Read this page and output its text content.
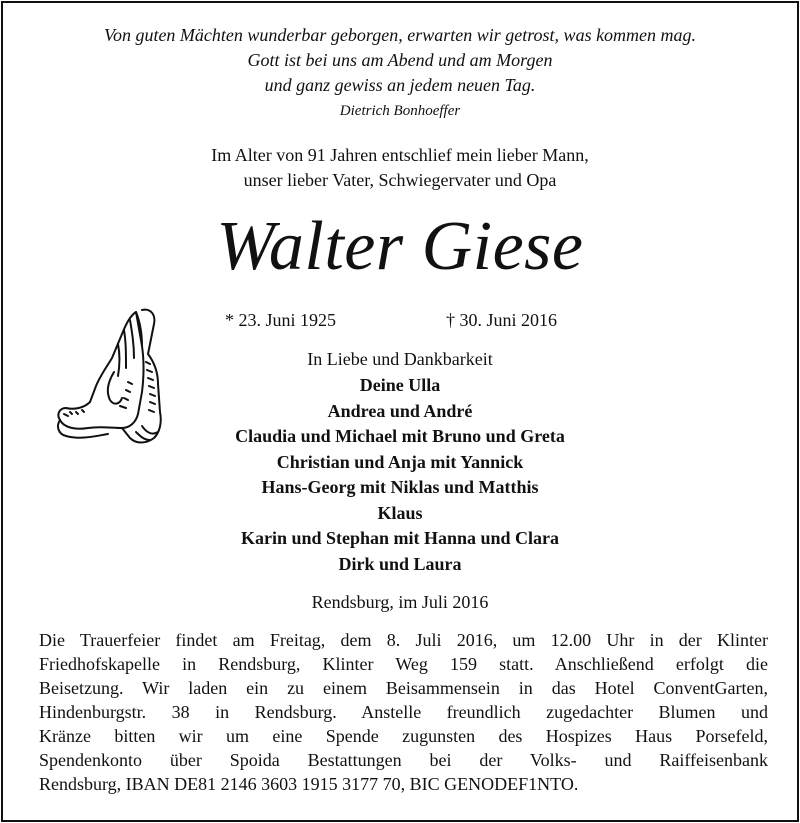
Von guten Mächten wunderbar geborgen, erwarten wir getrost, was kommen mag.
Gott ist bei uns am Abend und am Morgen
und ganz gewiss an jedem neuen Tag.
Dietrich Bonhoeffer
Im Alter von 91 Jahren entschlief mein lieber Mann,
unser lieber Vater, Schwiegervater und Opa
Walter Giese
* 23. Juni 1925	† 30. Juni 2016
In Liebe und Dankbarkeit
Deine Ulla
Andrea und André
Claudia und Michael mit Bruno und Greta
Christian und Anja mit Yannick
Hans-Georg mit Niklas und Matthis
Klaus
Karin und Stephan mit Hanna und Clara
Dirk und Laura
Rendsburg, im Juli 2016

Die Trauerfeier findet am Freitag, dem 8. Juli 2016, um 12.00 Uhr in der Klinter
Friedhofskapelle in Rendsburg, Klinter Weg 159 statt. Anschließend erfolgt die
Beisetzung. Wir laden ein zu einem Beisammensein in das Hotel ConventGarten,
Hindenburgstr. 38 in Rendsburg. Anstelle freundlich zugedachter Blumen und
Kränze bitten wir um eine Spende zugunsten des Hospizes Haus Porsefeld,
Spendenkonto über Spoida Bestattungen bei der Volks- und Raiffeisenbank
Rendsburg, IBAN DE81 2146 3603 1915 3177 70, BIC GENODEF1NTO.
